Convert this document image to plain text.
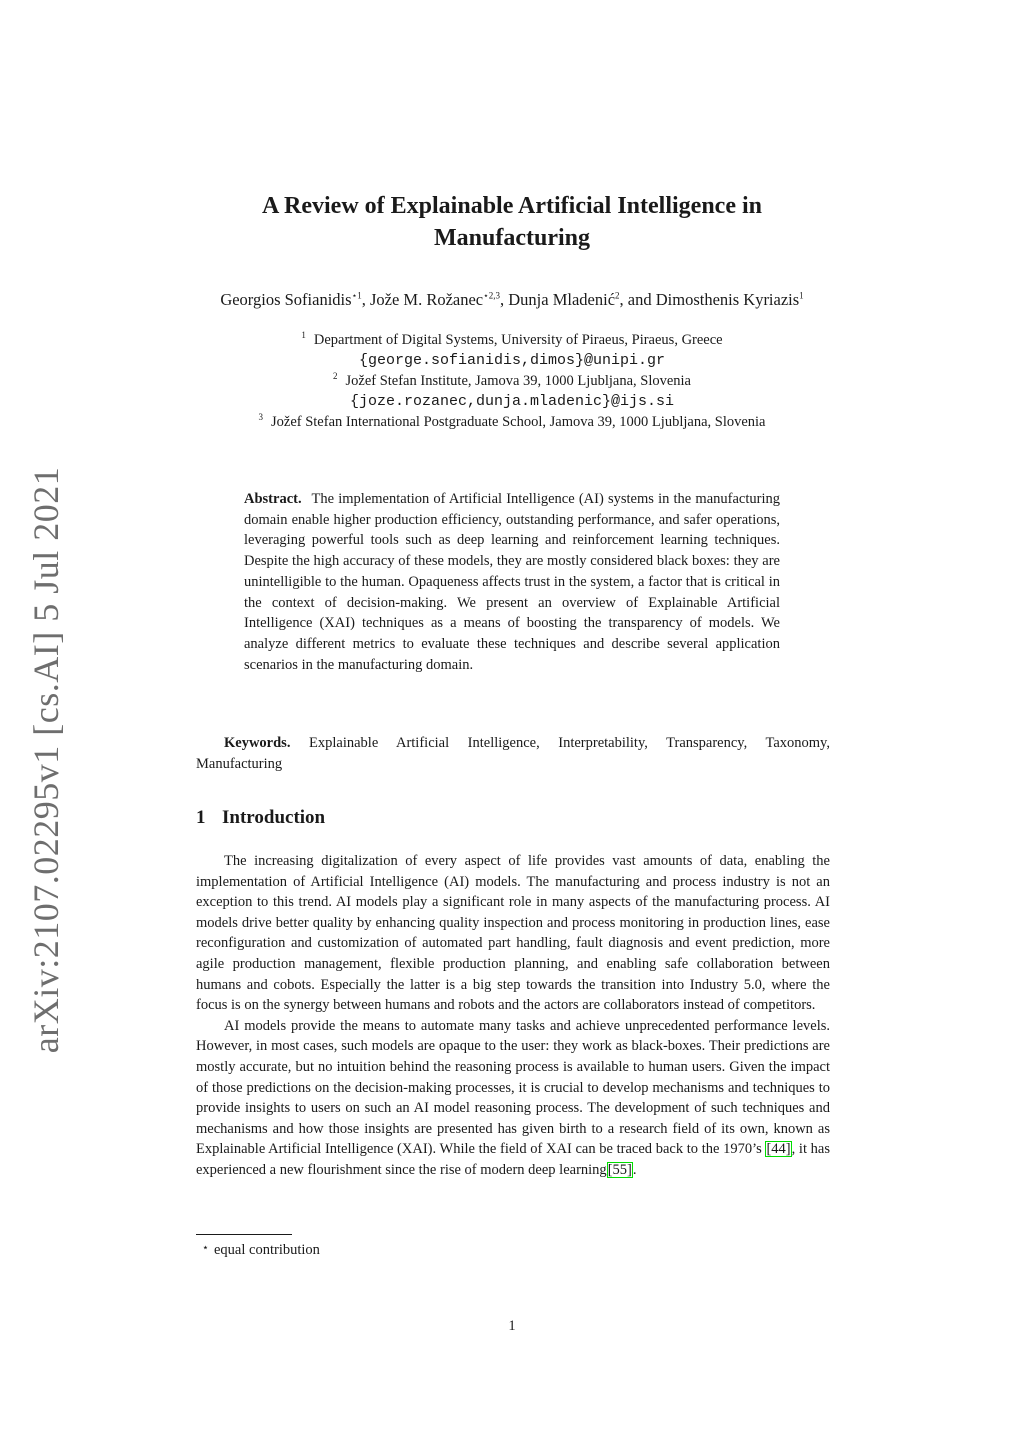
arXiv:2107.02295v1 [cs.AI] 5 Jul 2021
A Review of Explainable Artificial Intelligence in
Manufacturing
Georgios Sofianidis$^{⋆1}$, Jože M. Rožanec$^{⋆2,3}$, Dunja Mladenić$^2$, and Dimosthenis Kyriazis$^1$
$^1$ Department of Digital Systems, University of Piraeus, Piraeus, Greece
{george.sofianidis,dimos}@unipi.gr
$^2$ Jožef Stefan Institute, Jamova 39, 1000 Ljubljana, Slovenia
{joze.rozanec,dunja.mladenic}@ijs.si
$^3$ Jožef Stefan International Postgraduate School, Jamova 39, 1000 Ljubljana, Slovenia
Abstract. The implementation of Artificial Intelligence (AI) systems in the manufacturing domain enable higher production efficiency, outstanding performance, and safer operations, leveraging powerful tools such as deep learning and reinforcement learning techniques. Despite the high accuracy of these models, they are mostly considered black boxes: they are unintelligible to the human. Opaqueness affects trust in the system, a factor that is critical in the context of decision-making. We present an overview of Explainable Artificial Intelligence (XAI) techniques as a means of boosting the transparency of models. We analyze different metrics to evaluate these techniques and describe several application scenarios in the manufacturing domain.
Keywords. Explainable Artificial Intelligence, Interpretability, Transparency, Taxonomy, Manufacturing
1 Introduction

The increasing digitalization of every aspect of life provides vast amounts of data, enabling the implementation of Artificial Intelligence (AI) models. The manufacturing and process industry is not an exception to this trend. AI models play a significant role in many aspects of the manufacturing process. AI models drive better quality by enhancing quality inspection and process monitoring in production lines, ease reconfiguration and customization of automated part handling, fault diagnosis and event prediction, more agile production management, flexible production planning, and enabling safe collaboration between humans and cobots. Especially the latter is a big step towards the transition into Industry 5.0, where the focus is on the synergy between humans and robots and the actors are collaborators instead of competitors.

AI models provide the means to automate many tasks and achieve unprecedented performance levels. However, in most cases, such models are opaque to the user: they work as black-boxes. Their predictions are mostly accurate, but no intuition behind the reasoning process is available to human users. Given the impact of those predictions on the decision-making processes, it is crucial to develop mechanisms and techniques to provide insights to users on such an AI model reasoning process. The development of such techniques and mechanisms and how those insights are presented has given birth to a research field of its own, known as Explainable Artificial Intelligence (XAI). While the field of XAI can be traced back to the 1970’s [44], it has experienced a new flourishment since the rise of modern deep learning[55].

⋆ equal contribution
1
